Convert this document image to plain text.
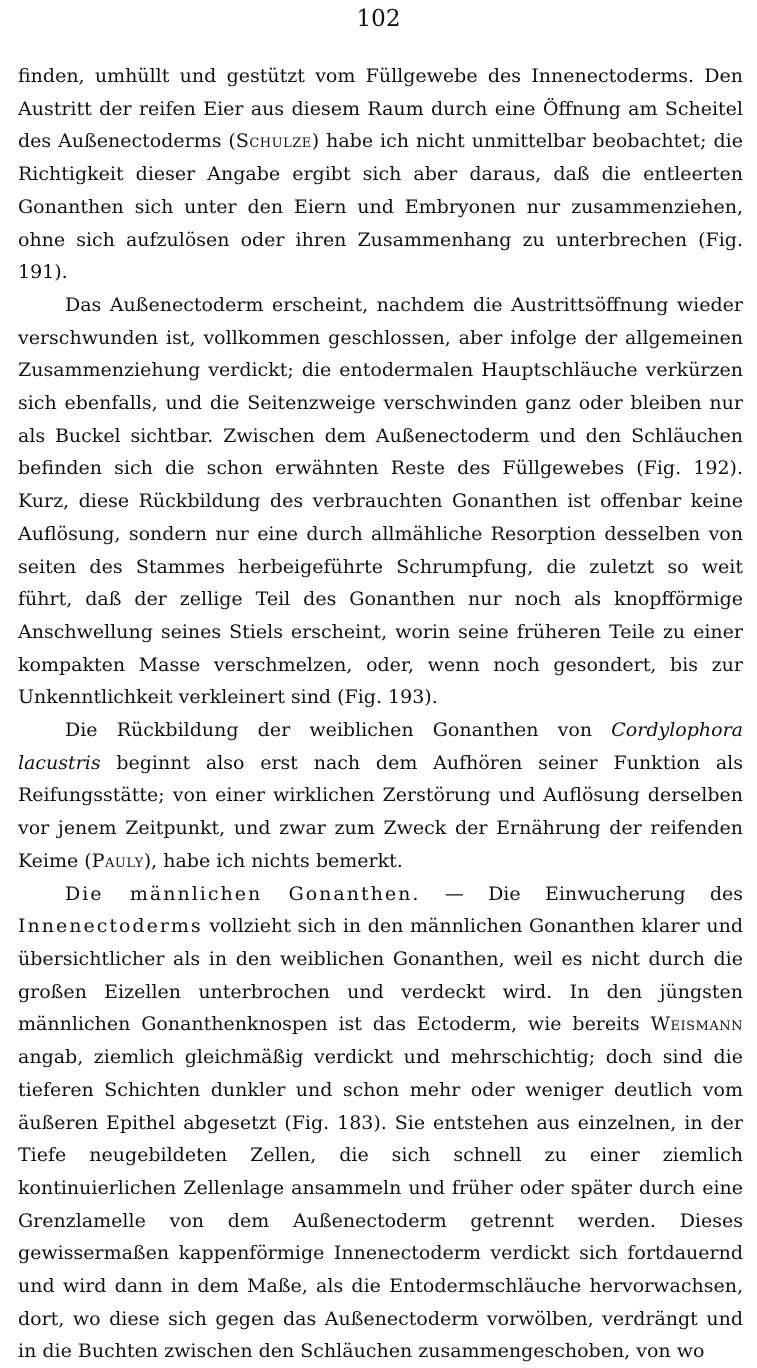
102

finden, umhüllt und gestützt vom Füllgewebe des Innenectoderms. Den Austritt der reifen Eier aus diesem Raum durch eine Öffnung am Scheitel des Außenectoderms (Schulze) habe ich nicht unmittelbar beobachtet; die Richtigkeit dieser Angabe ergibt sich aber daraus, daß die entleerten Gonanthen sich unter den Eiern und Embryonen nur zusammenziehen, ohne sich aufzulösen oder ihren Zusammenhang zu unterbrechen (Fig. 191).

Das Außenectoderm erscheint, nachdem die Austrittsöffnung wieder verschwunden ist, vollkommen geschlossen, aber infolge der allgemeinen Zusammenziehung verdickt; die entodermalen Hauptschläuche verkürzen sich ebenfalls, und die Seitenzweige verschwinden ganz oder bleiben nur als Buckel sichtbar. Zwischen dem Außenectoderm und den Schläuchen befinden sich die schon erwähnten Reste des Füllgewebes (Fig. 192). Kurz, diese Rückbildung des verbrauchten Gonanthen ist offenbar keine Auflösung, sondern nur eine durch allmähliche Resorption desselben von seiten des Stammes herbeigeführte Schrumpfung, die zuletzt so weit führt, daß der zellige Teil des Gonanthen nur noch als knopfförmige Anschwellung seines Stiels erscheint, worin seine früheren Teile zu einer kompakten Masse verschmelzen, oder, wenn noch gesondert, bis zur Unkenntlichkeit verkleinert sind (Fig. 193).

Die Rückbildung der weiblichen Gonanthen von Cordylophora lacustris beginnt also erst nach dem Aufhören seiner Funktion als Reifungsstätte; von einer wirklichen Zerstörung und Auflösung derselben vor jenem Zeitpunkt, und zwar zum Zweck der Ernährung der reifenden Keime (Pauly), habe ich nichts bemerkt.

Die männlichen Gonanthen. — Die Einwucherung des Innenectoderms vollzieht sich in den männlichen Gonanthen klarer und übersichtlicher als in den weiblichen Gonanthen, weil es nicht durch die großen Eizellen unterbrochen und verdeckt wird. In den jüngsten männlichen Gonanthenknospen ist das Ectoderm, wie bereits Weismann angab, ziemlich gleichmäßig verdickt und mehrschichtig; doch sind die tieferen Schichten dunkler und schon mehr oder weniger deutlich vom äußeren Epithel abgesetzt (Fig. 183). Sie entstehen aus einzelnen, in der Tiefe neugebildeten Zellen, die sich schnell zu einer ziemlich kontinuierlichen Zellenlage ansammeln und früher oder später durch eine Grenzlamelle von dem Außenectoderm getrennt werden. Dieses gewissermaßen kappenförmige Innenectoderm verdickt sich fortdauernd und wird dann in dem Maße, als die Entodermschläuche hervorwachsen, dort, wo diese sich gegen das Außenectoderm vorwölben, verdrängt und in die Buchten zwischen den Schläuchen zusammengeschoben, von wo
